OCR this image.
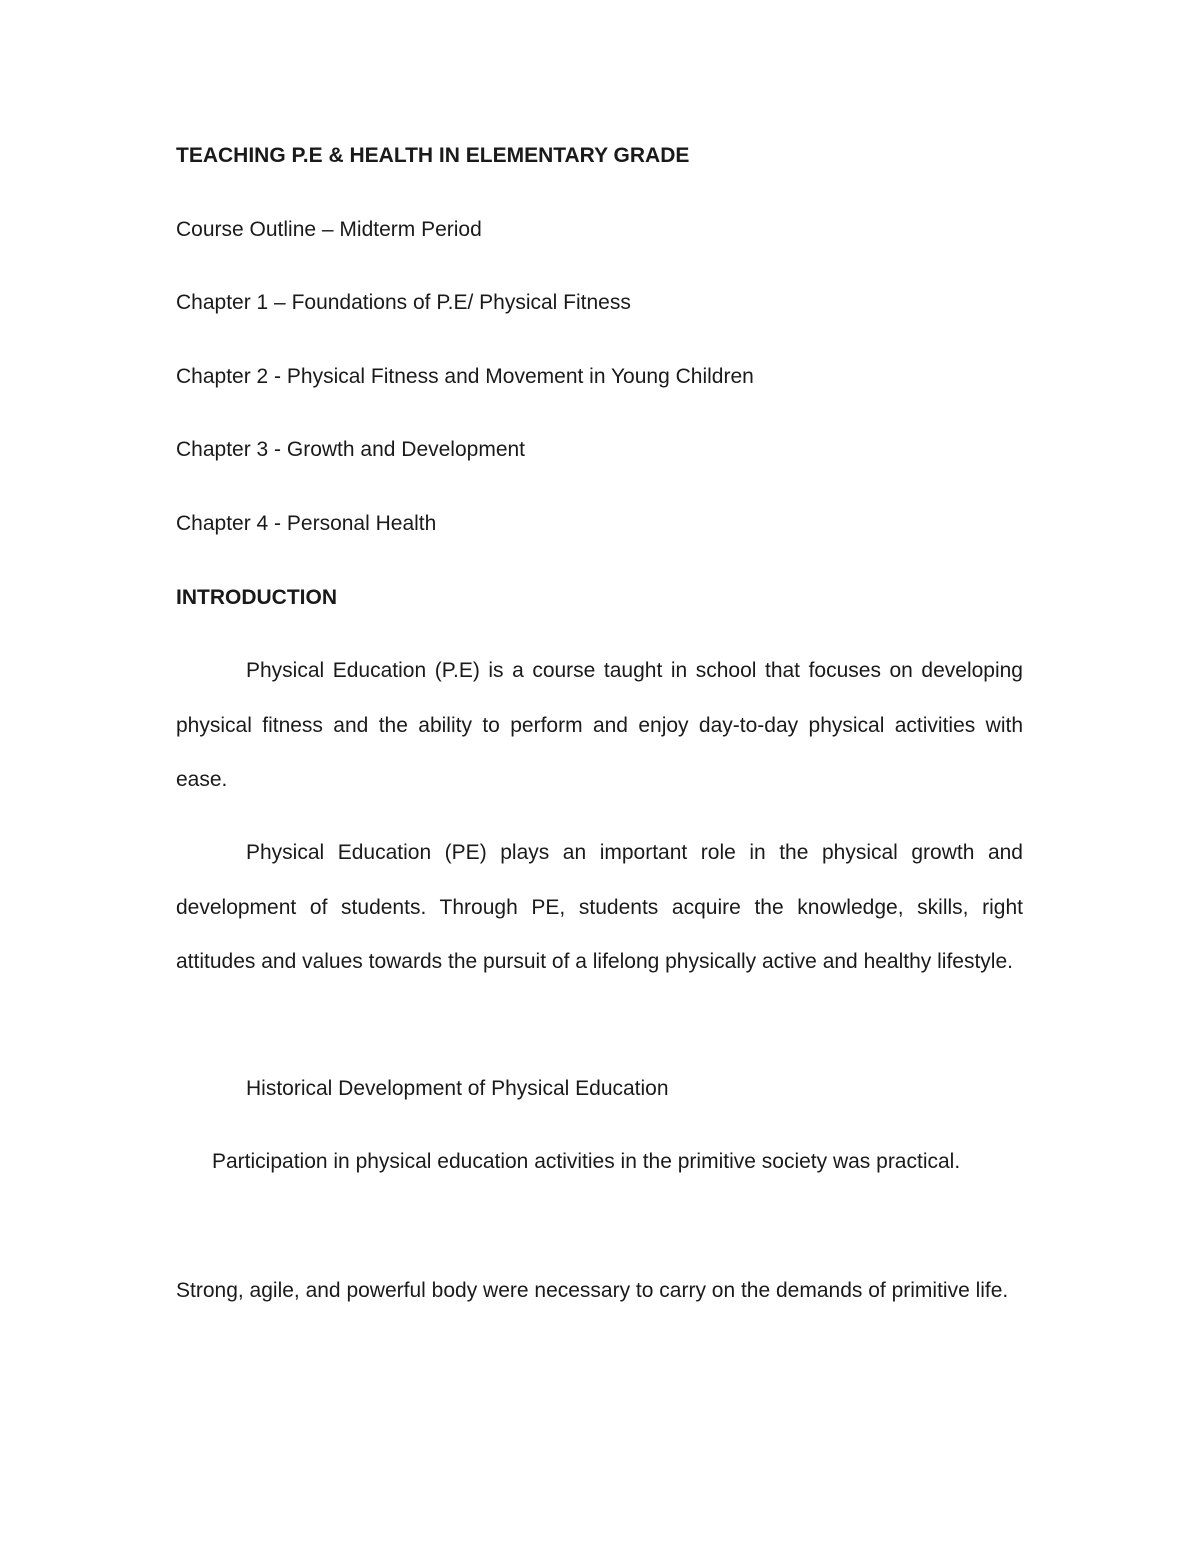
TEACHING P.E & HEALTH IN ELEMENTARY GRADE
Course Outline – Midterm Period
Chapter 1 – Foundations of P.E/ Physical Fitness
Chapter 2 - Physical Fitness and Movement in Young Children
Chapter 3 - Growth and Development
Chapter 4 - Personal Health
INTRODUCTION
Physical Education (P.E) is a course taught in school that focuses on developing physical fitness and the ability to perform and enjoy day-to-day physical activities with ease.
Physical Education (PE) plays an important role in the physical growth and development of students. Through PE, students acquire the knowledge, skills, right attitudes and values towards the pursuit of a lifelong physically active and healthy lifestyle.
Historical Development of Physical Education
Participation in physical education activities in the primitive society was practical.
Strong, agile, and powerful body were necessary to carry on the demands of primitive life.
